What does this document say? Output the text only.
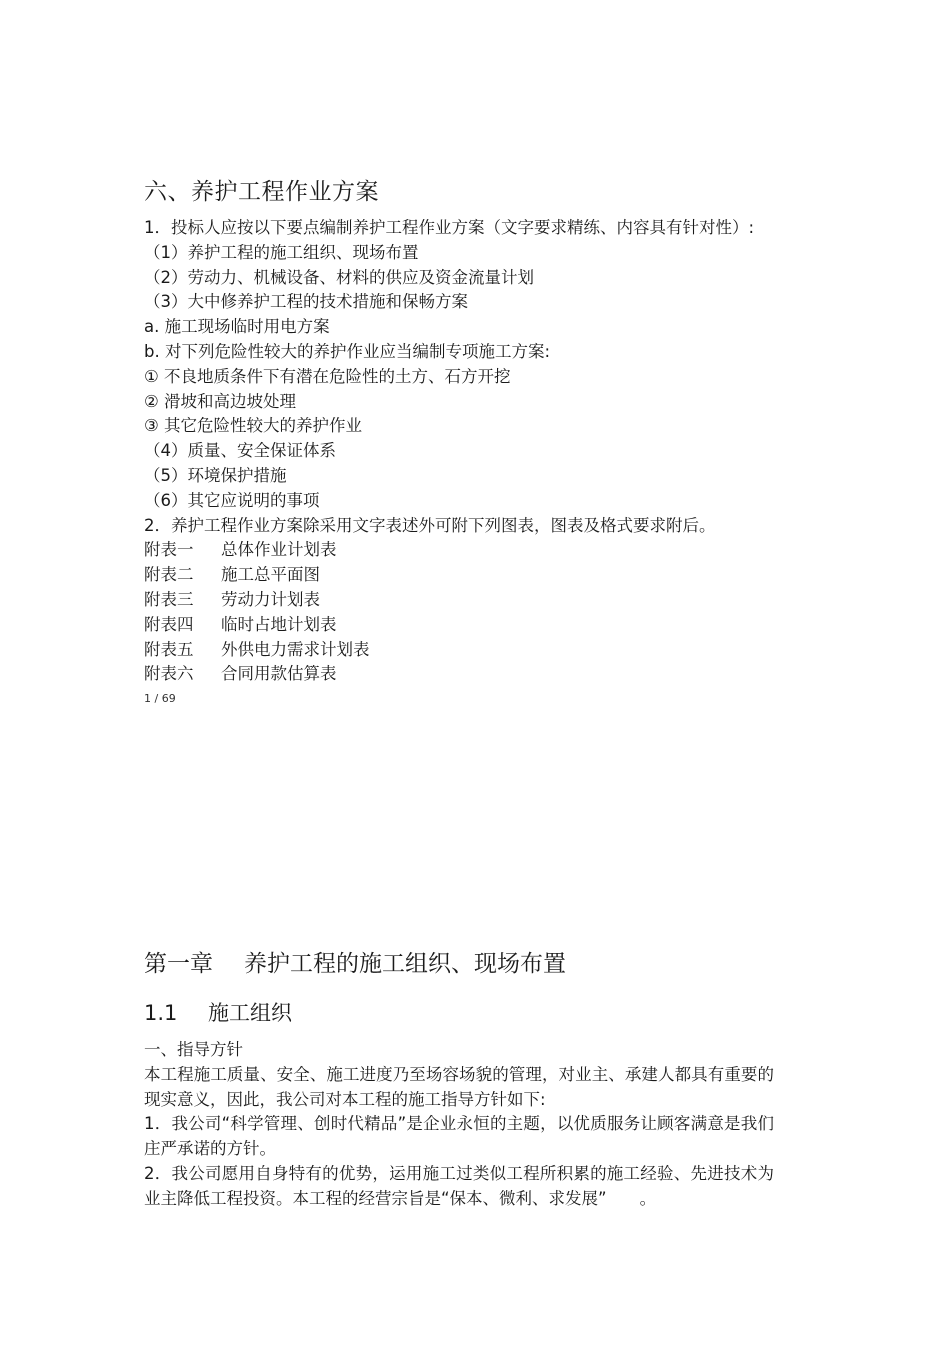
六、养护工程作业方案

1．投标人应按以下要点编制养护工程作业方案（文字要求精练、内容具有针对性）:

（1）养护工程的施工组织、现场布置

（2）劳动力、机械设备、材料的供应及资金流量计划

（3）大中修养护工程的技术措施和保畅方案

a. 施工现场临时用电方案

b. 对下列危险性较大的养护作业应当编制专项施工方案:

① 不良地质条件下有潜在危险性的土方、石方开挖

② 滑坡和高边坡处理

③ 其它危险性较大的养护作业

（4）质量、安全保证体系

（5）环境保护措施

（6）其它应说明的事项

2．养护工程作业方案除采用文字表述外可附下列图表，图表及格式要求附后。

附表一 总体作业计划表
附表二 施工总平面图
附表三 劳动力计划表
附表四 临时占地计划表
附表五 外供电力需求计划表
附表六 合同用款估算表
1 / 69
第一章 养护工程的施工组织、现场布置
1.1 施工组织

一、指导方针

本工程施工质量、安全、施工进度乃至场容场貌的管理，对业主、承建人都具有重要的现实意义，因此，我公司对本工程的施工指导方针如下:

1．我公司“科学管理、创时代精品”是企业永恒的主题，以优质服务让顾客满意是我们庄严承诺的方针。

2．我公司愿用自身特有的优势，运用施工过类似工程所积累的施工经验、先进技术为业主降低工程投资。本工程的经营宗旨是“保本、微利、求发展”　　。
